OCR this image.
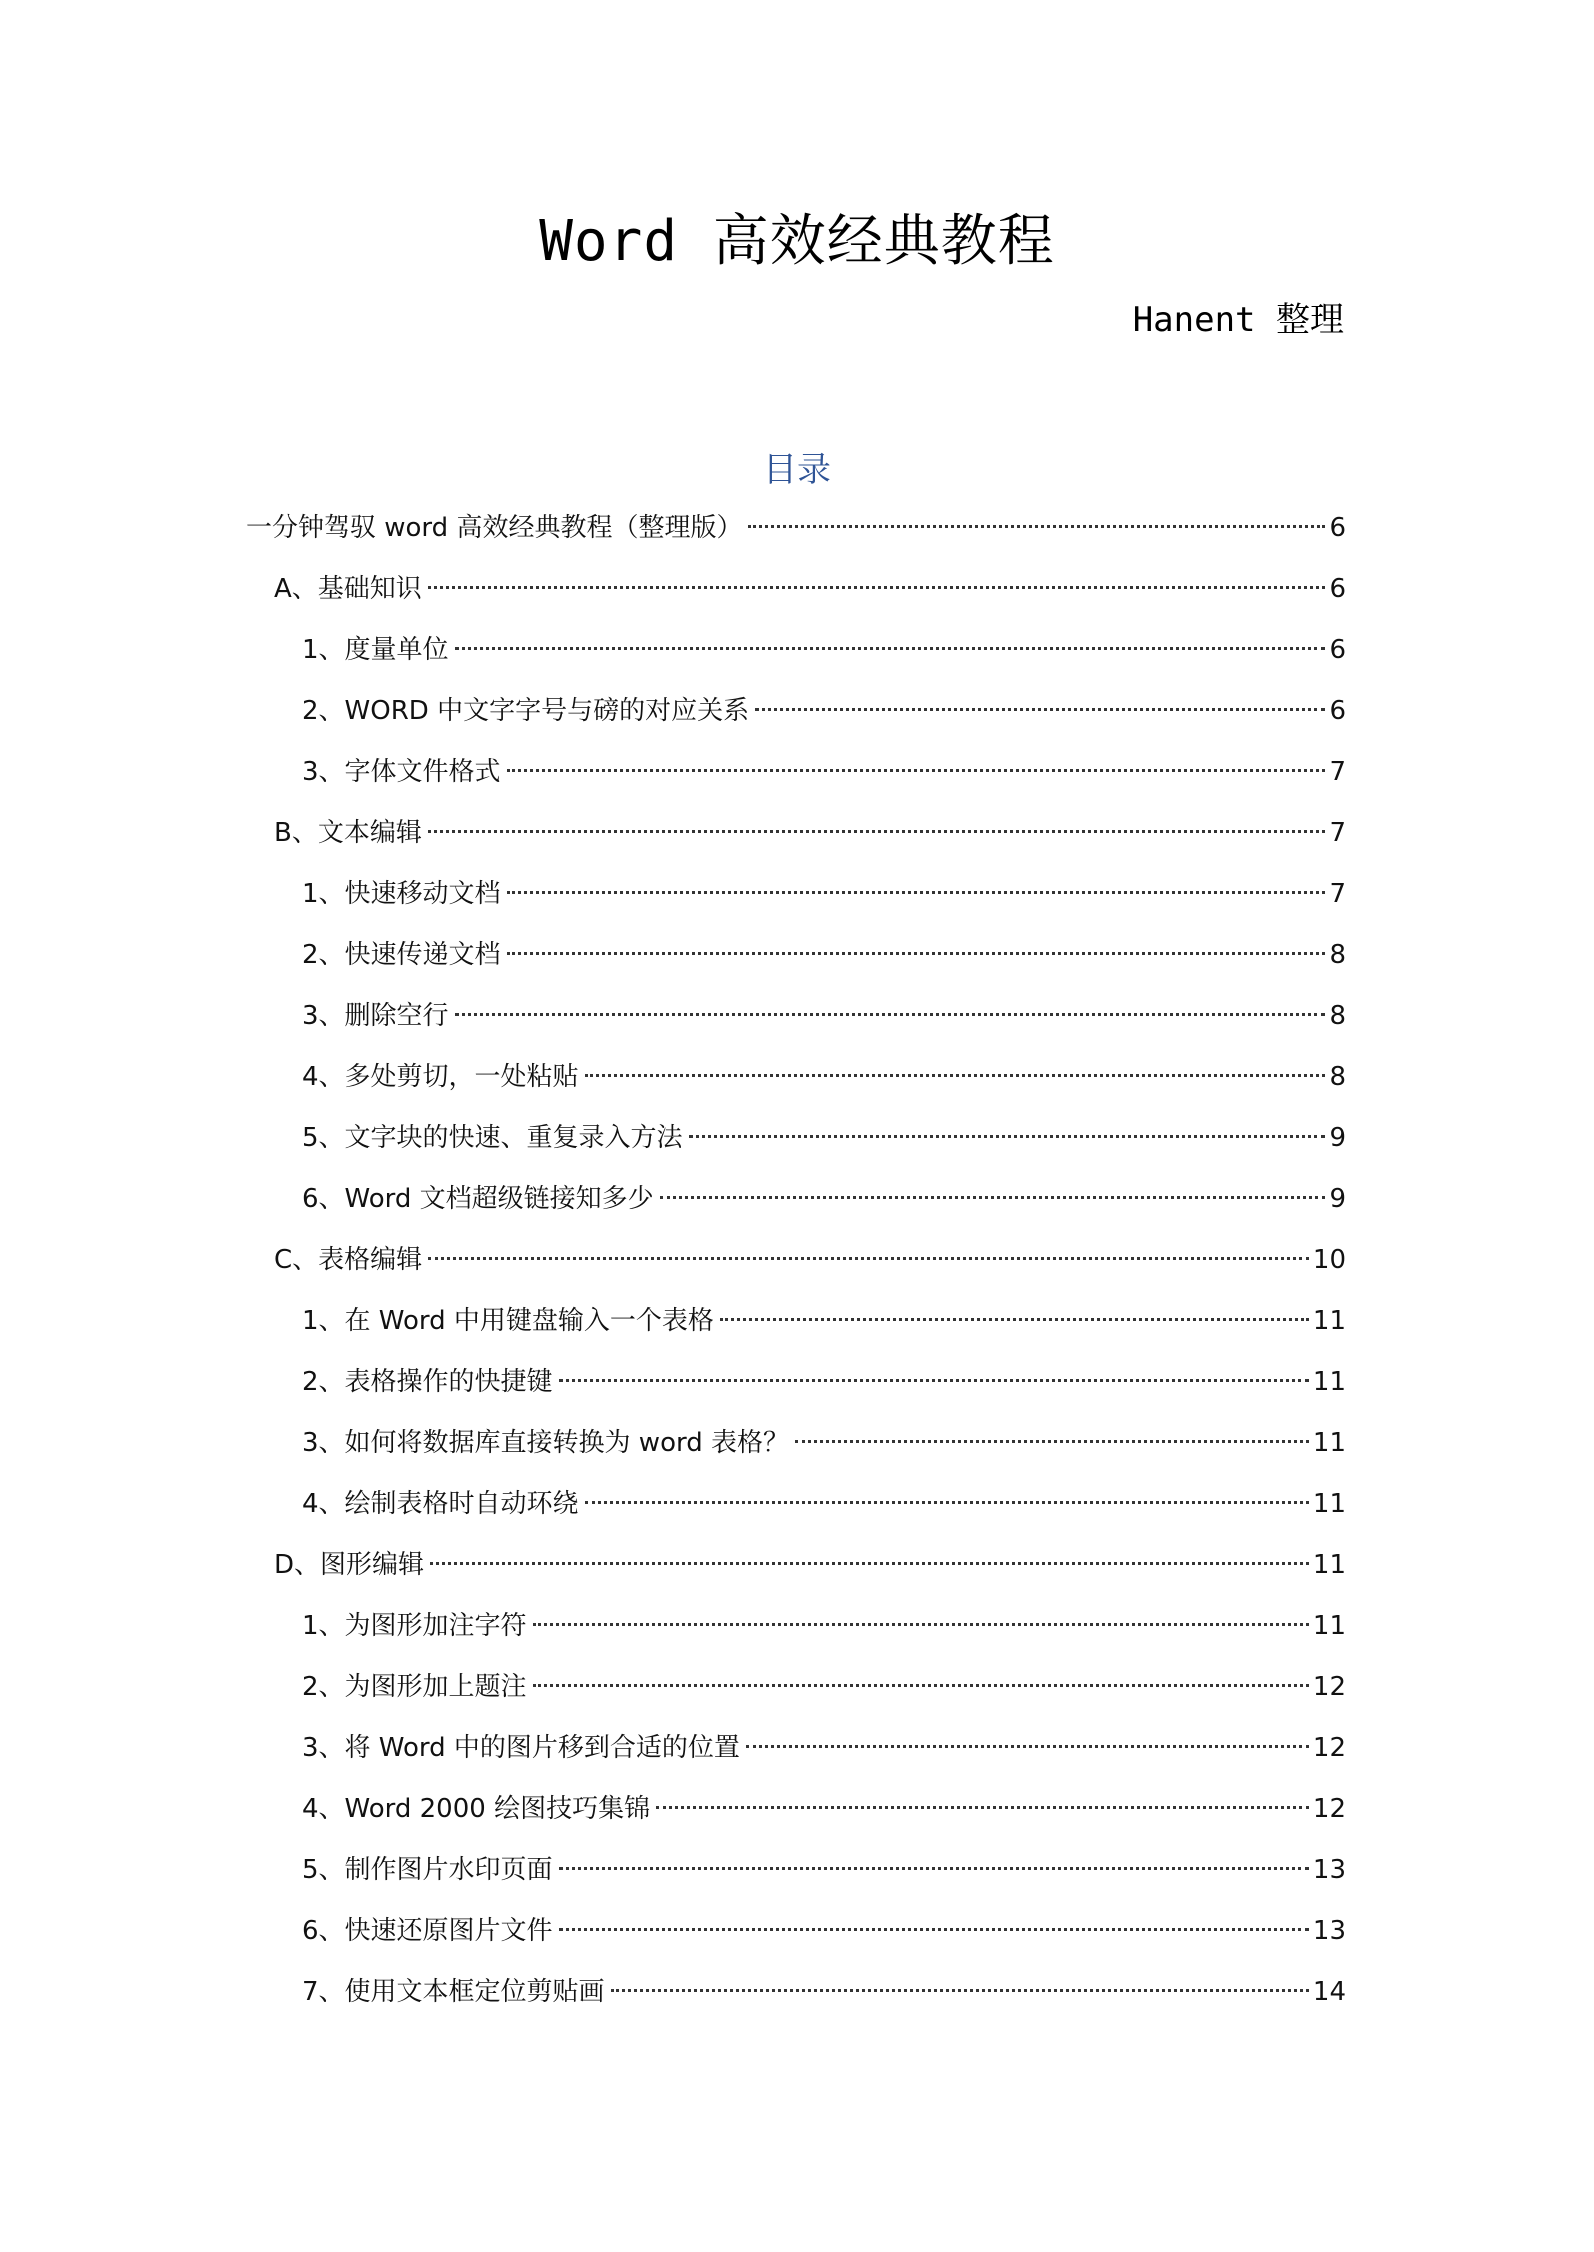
Word 高效经典教程
Hanent 整理
目录
一分钟驾驭 word 高效经典教程（整理版）	6
A、基础知识	6
1、度量单位	6
2、WORD 中文字字号与磅的对应关系	6
3、字体文件格式	7
B、文本编辑	7
1、快速移动文档	7
2、快速传递文档	8
3、删除空行	8
4、多处剪切，一处粘贴	8
5、文字块的快速、重复录入方法	9
6、Word 文档超级链接知多少	9
C、表格编辑	10
1、在 Word 中用键盘输入一个表格	11
2、表格操作的快捷键	11
3、如何将数据库直接转换为 word 表格？	11
4、绘制表格时自动环绕	11
D、图形编辑	11
1、为图形加注字符	11
2、为图形加上题注	12
3、将 Word 中的图片移到合适的位置	12
4、Word 2000 绘图技巧集锦	12
5、制作图片水印页面	13
6、快速还原图片文件	13
7、使用文本框定位剪贴画	14
